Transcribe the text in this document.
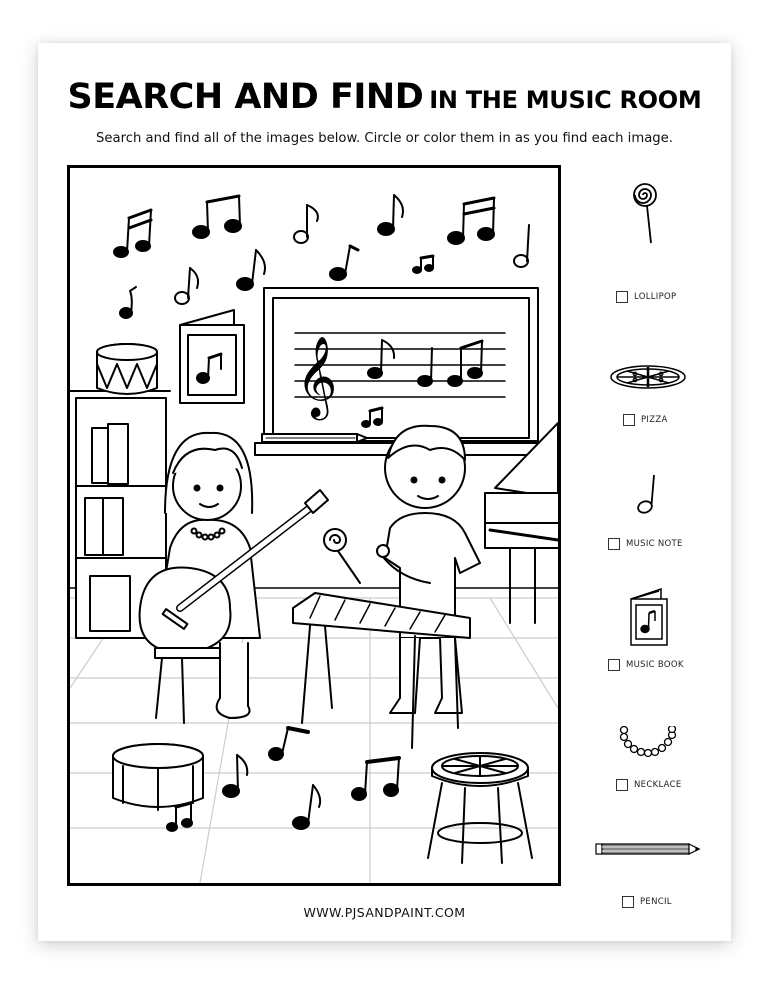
SEARCH AND FIND IN THE MUSIC ROOM
Search and find all of the images below. Circle or color them in as you find each image.
𝄞
LOLLIPOP
PIZZA
MUSIC NOTE
MUSIC BOOK
NECKLACE
PENCIL
WWW.PJSANDPAINT.COM
